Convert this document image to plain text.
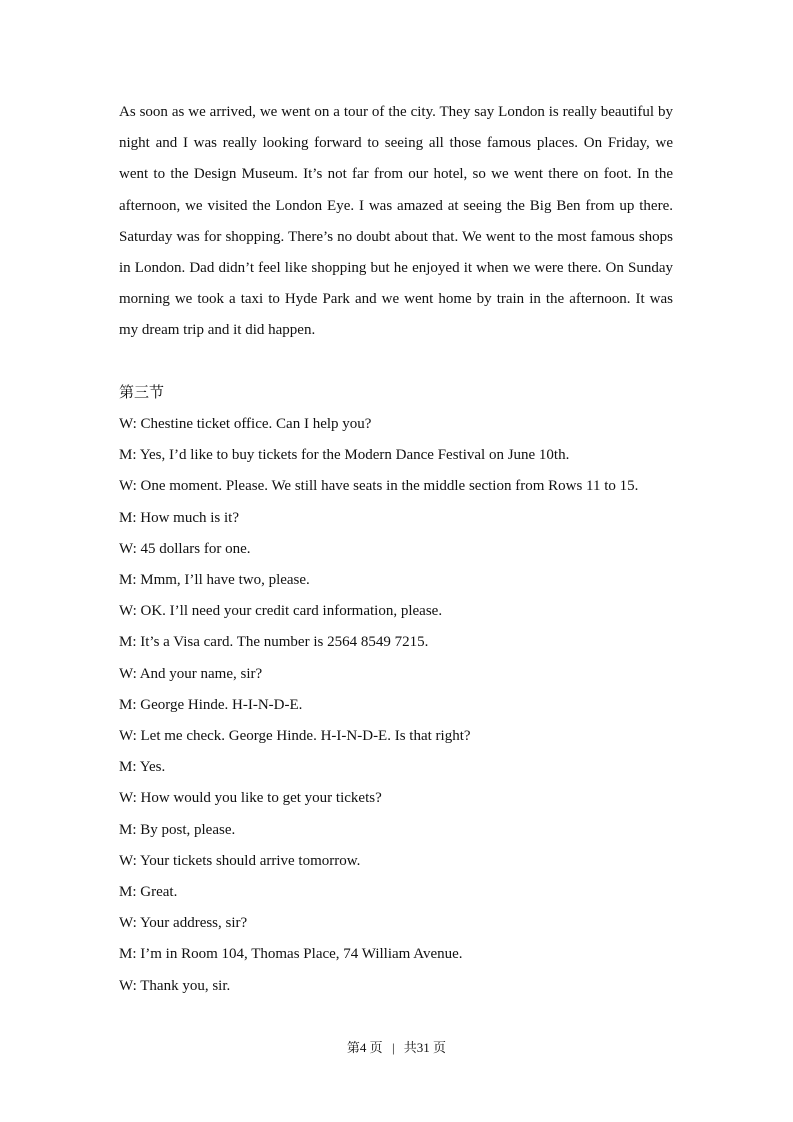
As soon as we arrived, we went on a tour of the city. They say London is really beautiful by night and I was really looking forward to seeing all those famous places. On Friday, we went to the Design Museum. It’s not far from our hotel, so we went there on foot. In the afternoon, we visited the London Eye. I was amazed at seeing the Big Ben from up there. Saturday was for shopping. There’s no doubt about that. We went to the most famous shops in London. Dad didn’t feel like shopping but he enjoyed it when we were there. On Sunday morning we took a taxi to Hyde Park and we went home by train in the afternoon. It was my dream trip and it did happen.

第三节

W: Chestine ticket office. Can I help you?
M: Yes, I’d like to buy tickets for the Modern Dance Festival on June 10th.
W: One moment. Please. We still have seats in the middle section from Rows 11 to 15.
M: How much is it?
W: 45 dollars for one.
M: Mmm, I’ll have two, please.
W: OK. I’ll need your credit card information, please.
M: It’s a Visa card. The number is 2564 8549 7215.
W: And your name, sir?
M: George Hinde. H-I-N-D-E.
W: Let me check. George Hinde. H-I-N-D-E. Is that right?
M: Yes.
W: How would you like to get your tickets?
M: By post, please.
W: Your tickets should arrive tomorrow.
M: Great.
W: Your address, sir?
M: I’m in Room 104, Thomas Place, 74 William Avenue.
W: Thank you, sir.
第4 页 | 共31 页
